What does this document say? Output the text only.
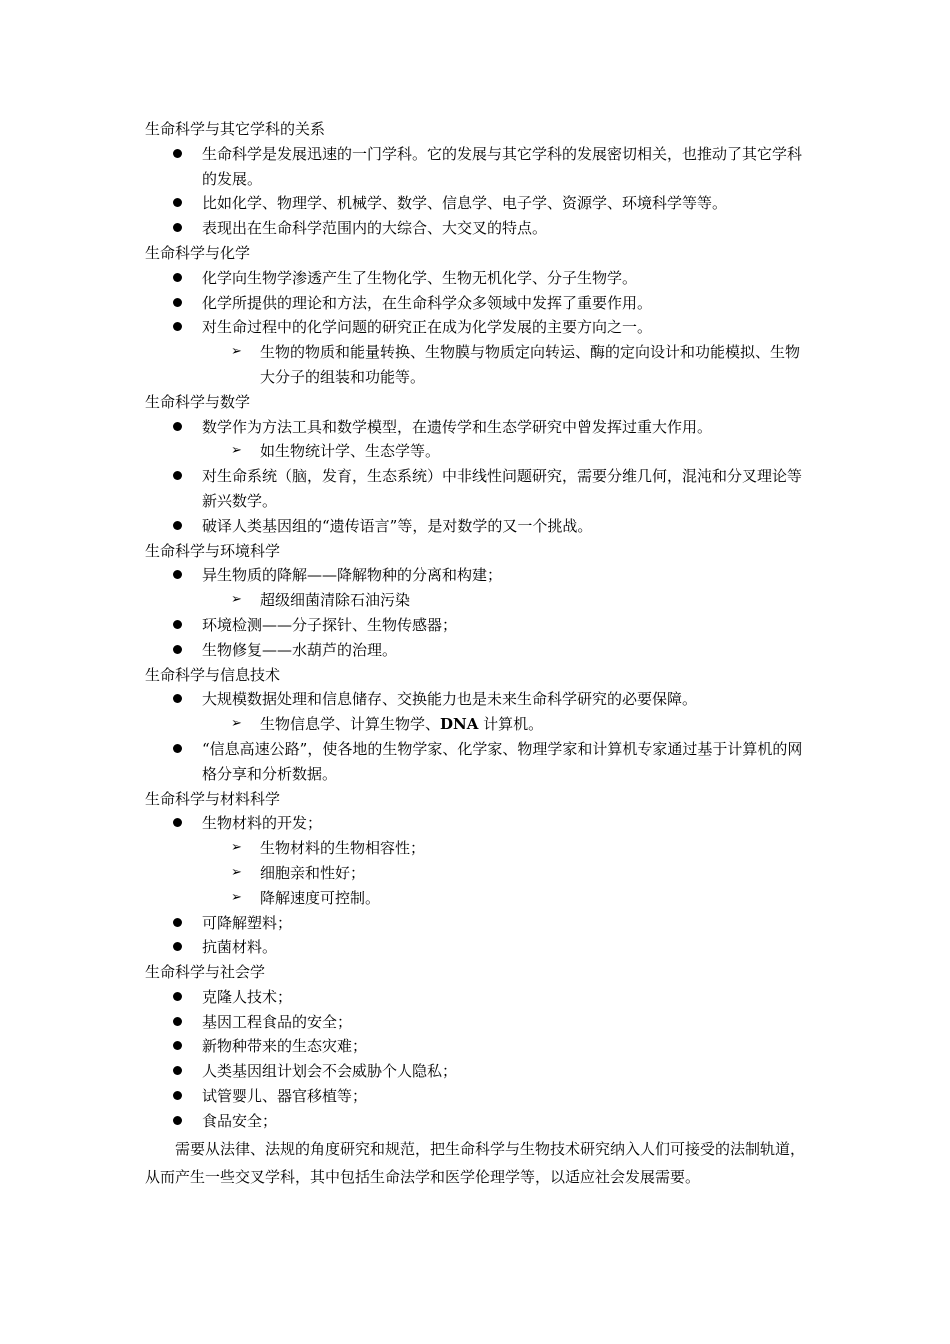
生命科学与其它学科的关系
生命科学是发展迅速的一门学科。它的发展与其它学科的发展密切相关，也推动了其它学科的发展。
比如化学、物理学、机械学、数学、信息学、电子学、资源学、环境科学等等。
表现出在生命科学范围内的大综合、大交叉的特点。
生命科学与化学
化学向生物学渗透产生了生物化学、生物无机化学、分子生物学。
化学所提供的理论和方法，在生命科学众多领域中发挥了重要作用。
对生命过程中的化学问题的研究正在成为化学发展的主要方向之一。
➢	生物的物质和能量转换、生物膜与物质定向转运、酶的定向设计和功能模拟、生物大分子的组装和功能等。
生命科学与数学
数学作为方法工具和数学模型，在遗传学和生态学研究中曾发挥过重大作用。
➢	如生物统计学、生态学等。
对生命系统（脑，发育，生态系统）中非线性问题研究，需要分维几何，混沌和分叉理论等新兴数学。
破译人类基因组的“遗传语言”等，是对数学的又一个挑战。
生命科学与环境科学
异生物质的降解——降解物种的分离和构建；
➢	超级细菌清除石油污染
环境检测——分子探针、生物传感器；
生物修复——水葫芦的治理。
生命科学与信息技术
大规模数据处理和信息储存、交换能力也是未来生命科学研究的必要保障。
➢	生物信息学、计算生物学、DNA 计算机。
“信息高速公路”，使各地的生物学家、化学家、物理学家和计算机专家通过基于计算机的网格分享和分析数据。
生命科学与材料科学
生物材料的开发；
➢	生物材料的生物相容性；
➢	细胞亲和性好；
➢	降解速度可控制。
可降解塑料；
抗菌材料。
生命科学与社会学
克隆人技术；
基因工程食品的安全；
新物种带来的生态灾难；
人类基因组计划会不会威胁个人隐私；
试管婴儿、器官移植等；
食品安全；
需要从法律、法规的角度研究和规范，把生命科学与生物技术研究纳入人们可接受的法制轨道，从而产生一些交叉学科，其中包括生命法学和医学伦理学等，以适应社会发展需要。
